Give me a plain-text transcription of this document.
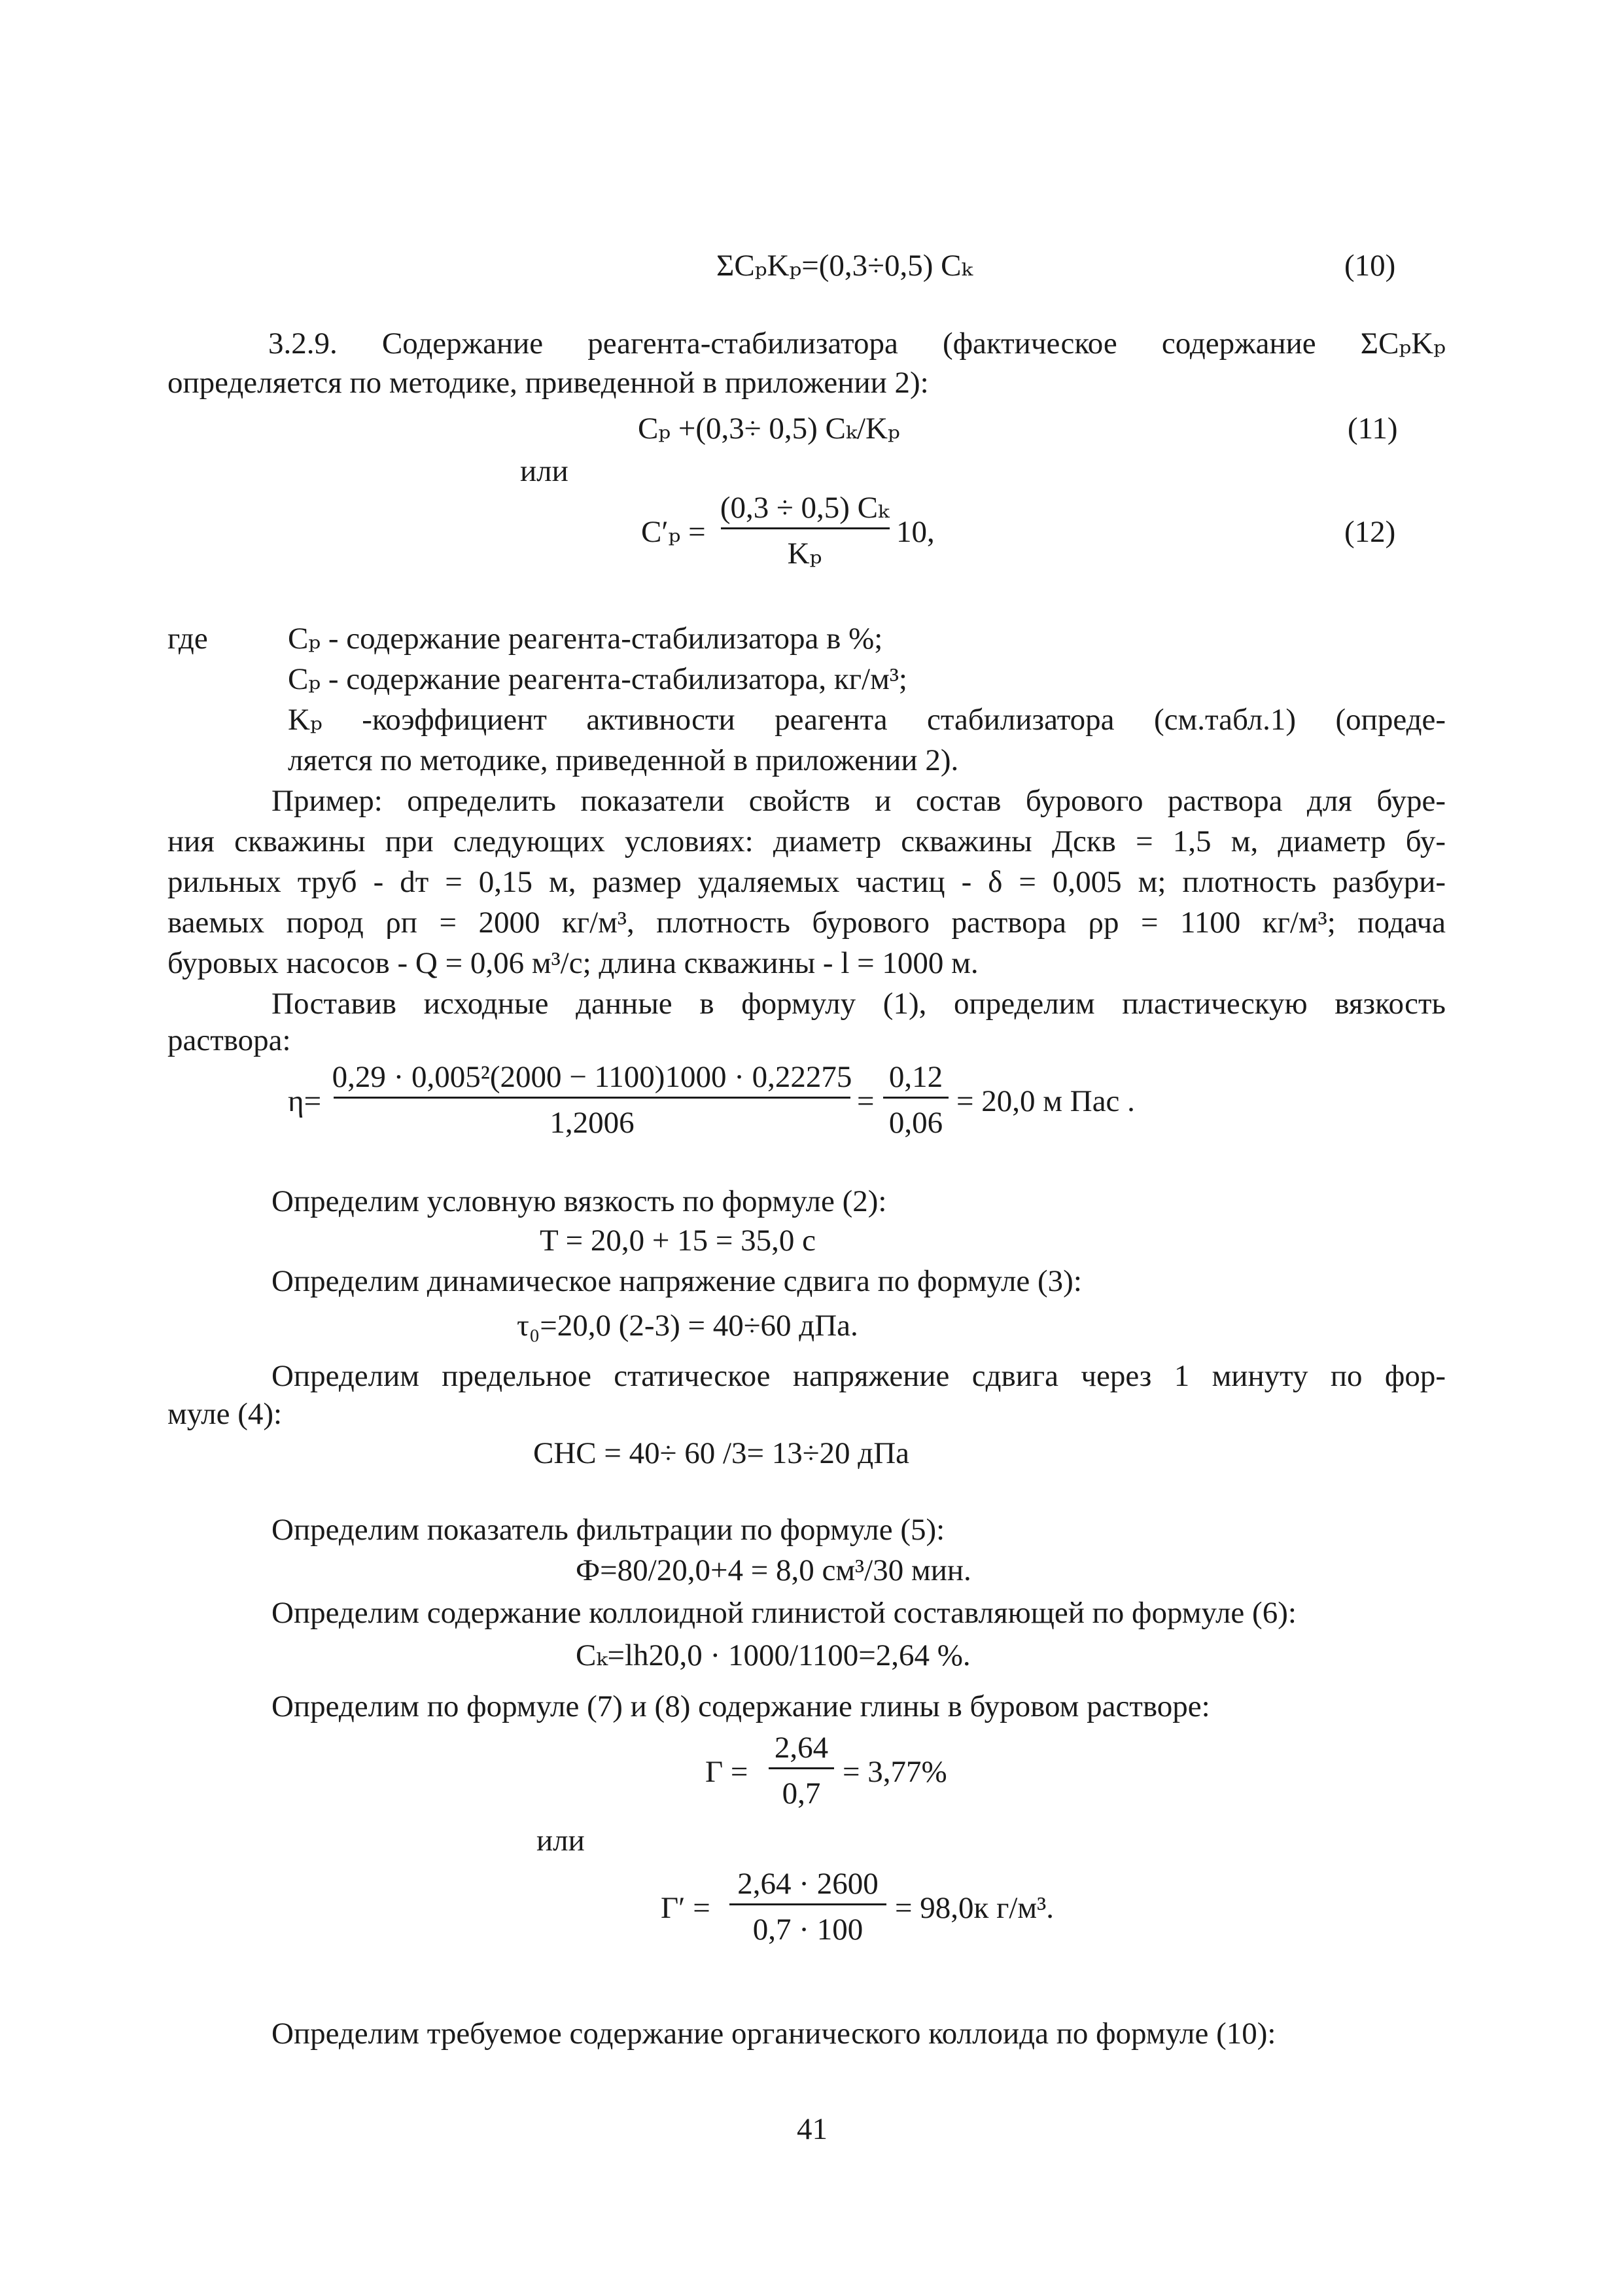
ΣCₚKₚ=(0,3÷0,5) Cₖ	(10)
3.2.9. Содержание реагента-стабилизатора (фактическое содержание ΣCₚKₚ
определяется по методике, приведенной в приложении 2):
Cₚ +(0,3÷ 0,5) Cₖ/Kₚ	(11)
или
C′ₚ =
(0,3 ÷ 0,5) Cₖ
Kₚ
10,	(12)
где	Cₚ - содержание реагента-стабилизатора в %;
Cₚ - содержание реагента-стабилизатора, кг/м³;
Kₚ -коэффициент активности реагента стабилизатора (см.табл.1) (опреде-
ляется по методике, приведенной в приложении 2).
Пример: определить показатели свойств и состав бурового раствора для буре-
ния скважины при следующих условиях: диаметр скважины Дскв = 1,5 м, диаметр бу-
рильных труб - dт = 0,15 м, размер удаляемых частиц - δ = 0,005 м; плотность разбури-
ваемых пород ρп = 2000 кг/м³, плотность бурового раствора ρр = 1100 кг/м³; подача
буровых насосов - Q = 0,06 м³/с; длина скважины - l = 1000 м.
Поставив исходные данные в формулу (1), определим пластическую вязкость
раствора:
η=
0,29 · 0,005²(2000 − 1100)1000 · 0,22275
1,2006
=
0,12
0,06
= 20,0 м Пас .
Определим условную вязкость по формуле (2):
T = 20,0 + 15 = 35,0 с
Определим динамическое напряжение сдвига по формуле (3):
τ₀=20,0 (2-3) = 40÷60 дПа.
Определим предельное статическое напряжение сдвига через 1 минуту по фор-
муле (4):
СНС = 40÷ 60 /3= 13÷20 дПа
Определим показатель фильтрации по формуле (5):
Ф=80/20,0+4 = 8,0 см³/30 мин.
Определим содержание коллоидной глинистой составляющей по формуле (6):
Cₖ=lh20,0 · 1000/1100=2,64 %.
Определим по формуле (7) и (8) содержание глины в буровом растворе:
Г =
2,64
0,7
= 3,77%
или
Г′ =
2,64 · 2600
0,7 · 100
= 98,0к г/м³.
Определим требуемое содержание органического коллоида по формуле (10):
41
